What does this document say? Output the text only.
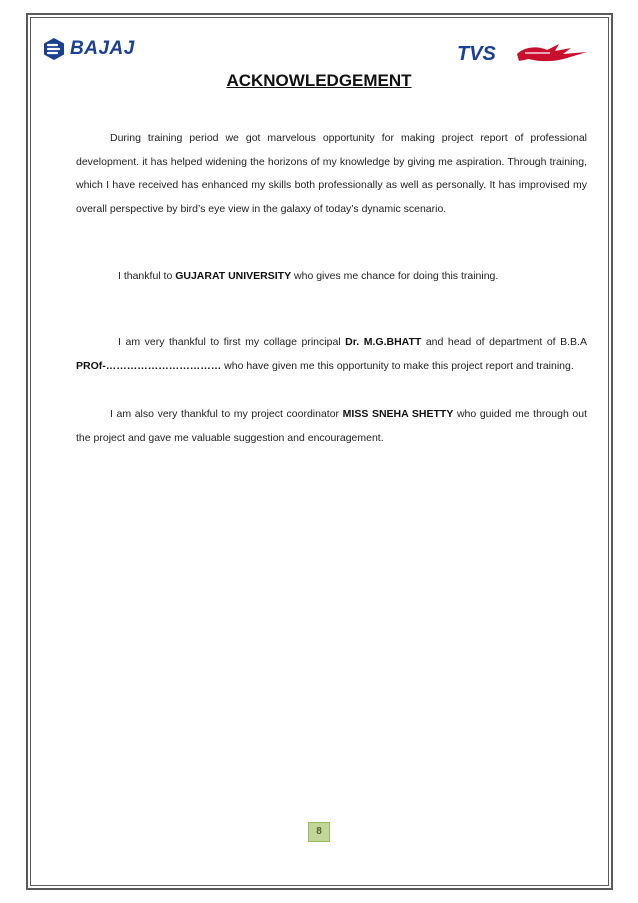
BAJAJ	TVS
ACKNOWLEDGEMENT

During training period we got marvelous opportunity for making project report of professional development. it has helped widening the horizons of my knowledge by giving me aspiration. Through training, which I have received has enhanced my skills both professionally as well as personally. It has improvised my overall perspective by bird’s eye view in the galaxy of today’s dynamic scenario.

I thankful to GUJARAT UNIVERSITY who gives me chance for doing this training.

I am very thankful to first my collage principal Dr. M.G.BHATT and head of department of B.B.A PROf-…………………………… who have given me this opportunity to make this project report and training.

I am also very thankful to my project coordinator MISS SNEHA SHETTY who guided me through out the project and gave me valuable suggestion and encouragement.

8
